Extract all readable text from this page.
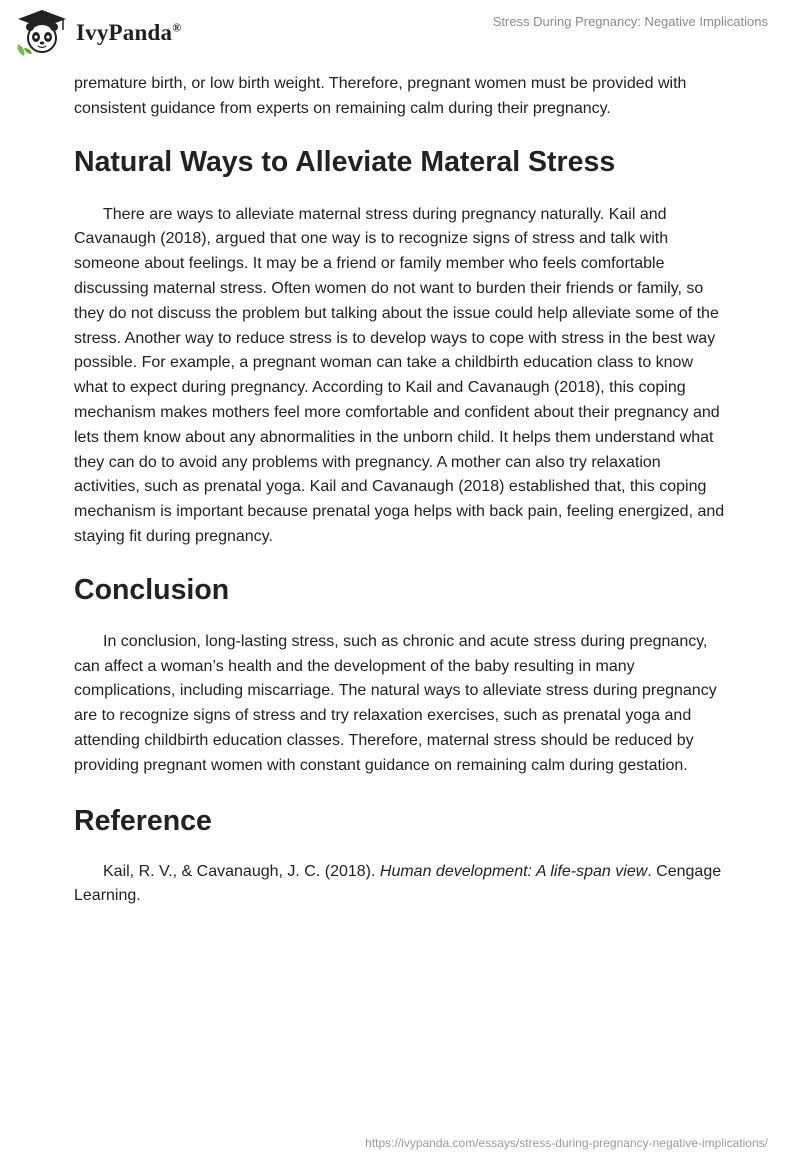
IvyPanda®	Stress During Pregnancy: Negative Implications

premature birth, or low birth weight. Therefore, pregnant women must be provided with consistent guidance from experts on remaining calm during their pregnancy.

Natural Ways to Alleviate Materal Stress

There are ways to alleviate maternal stress during pregnancy naturally. Kail and Cavanaugh (2018), argued that one way is to recognize signs of stress and talk with someone about feelings. It may be a friend or family member who feels comfortable discussing maternal stress. Often women do not want to burden their friends or family, so they do not discuss the problem but talking about the issue could help alleviate some of the stress. Another way to reduce stress is to develop ways to cope with stress in the best way possible. For example, a pregnant woman can take a childbirth education class to know what to expect during pregnancy. According to Kail and Cavanaugh (2018), this coping mechanism makes mothers feel more comfortable and confident about their pregnancy and lets them know about any abnormalities in the unborn child. It helps them understand what they can do to avoid any problems with pregnancy. A mother can also try relaxation activities, such as prenatal yoga. Kail and Cavanaugh (2018) established that, this coping mechanism is important because prenatal yoga helps with back pain, feeling energized, and staying fit during pregnancy.

Conclusion

In conclusion, long-lasting stress, such as chronic and acute stress during pregnancy, can affect a woman’s health and the development of the baby resulting in many complications, including miscarriage. The natural ways to alleviate stress during pregnancy are to recognize signs of stress and try relaxation exercises, such as prenatal yoga and attending childbirth education classes. Therefore, maternal stress should be reduced by providing pregnant women with constant guidance on remaining calm during gestation.

Reference

Kail, R. V., & Cavanaugh, J. C. (2018). Human development: A life-span view. Cengage Learning.

https://ivypanda.com/essays/stress-during-pregnancy-negative-implications/
